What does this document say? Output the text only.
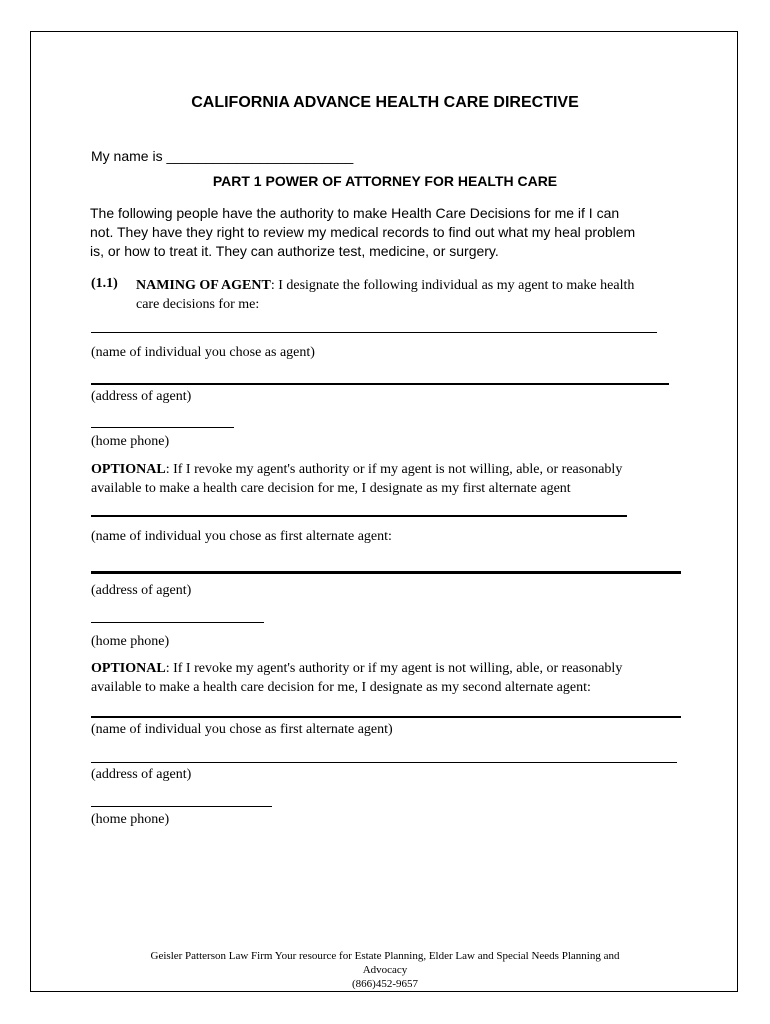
CALIFORNIA ADVANCE HEALTH CARE DIRECTIVE
My name is ________________________
PART 1 POWER OF ATTORNEY FOR HEALTH CARE
The following people have the authority to make Health Care Decisions for me if I can
not. They have they right to review my medical records to find out what my heal problem
is, or how to treat it. They can authorize test, medicine, or surgery.
(1.1) NAMING OF AGENT: I designate the following individual as my agent to make health
care decisions for me:
(name of individual you chose as agent)
(address of agent)
(home phone)
OPTIONAL: If I revoke my agent's authority or if my agent is not willing, able, or reasonably
available to make a health care decision for me, I designate as my first alternate agent
(name of individual you chose as first alternate agent:
(address of agent)
(home phone)
OPTIONAL: If I revoke my agent's authority or if my agent is not willing, able, or reasonably
available to make a health care decision for me, I designate as my second alternate agent:
(name of individual you chose as first alternate agent)
(address of agent)
(home phone)
Geisler Patterson Law Firm Your resource for Estate Planning, Elder Law and Special Needs Planning and
Advocacy
(866)452-9657
